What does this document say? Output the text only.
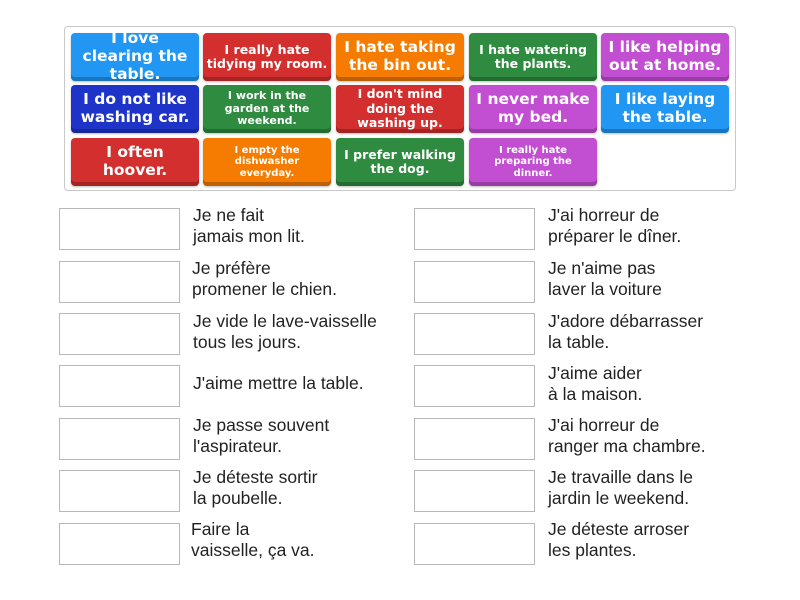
I love clearing the table.
I really hate tidying my room.
I hate taking the bin out.
I hate watering the plants.
I like helping out at home.
I do not like washing car.
I work in the garden at the weekend.
I don't mind doing the washing up.
I never make my bed.
I like laying the table.
I often hoover.
I empty the dishwasher everyday.
I prefer walking the dog.
I really hate preparing the dinner.
Je ne fait
jamais mon lit.
Je préfère
promener le chien.
Je vide le lave-vaisselle
tous les jours.
J'aime mettre la table.
Je passe souvent
l'aspirateur.
Je déteste sortir
la poubelle.
Faire la
vaisselle, ça va.
J'ai horreur de
préparer le dîner.
Je n'aime pas
laver la voiture
J'adore débarrasser
la table.
J'aime aider
à la maison.
J'ai horreur de
ranger ma chambre.
Je travaille dans le
jardin le weekend.
Je déteste arroser
les plantes.
